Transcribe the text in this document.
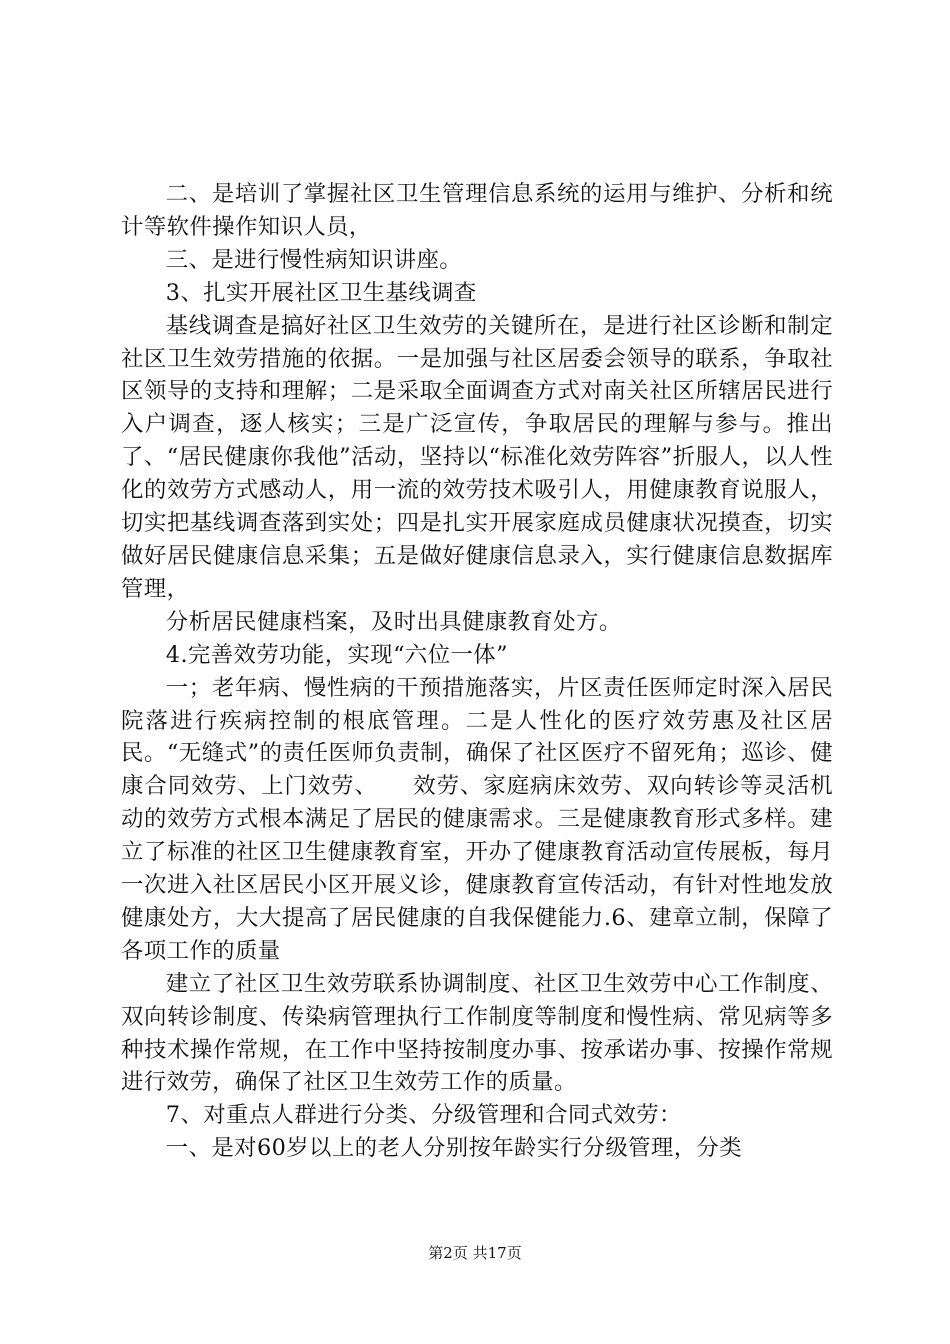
二、是培训了掌握社区卫生管理信息系统的运用与维护、分析和统计等软件操作知识人员，

三、是进行慢性病知识讲座。

3、扎实开展社区卫生基线调查

基线调查是搞好社区卫生效劳的关键所在，是进行社区诊断和制定社区卫生效劳措施的依据。一是加强与社区居委会领导的联系，争取社区领导的支持和理解；二是采取全面调查方式对南关社区所辖居民进行入户调查，逐人核实；三是广泛宣传，争取居民的理解与参与。推出了、“居民健康你我他”活动，坚持以“标准化效劳阵容”折服人，以人性化的效劳方式感动人，用一流的效劳技术吸引人，用健康教育说服人，切实把基线调查落到实处；四是扎实开展家庭成员健康状况摸查，切实做好居民健康信息采集；五是做好健康信息录入，实行健康信息数据库管理，

分析居民健康档案，及时出具健康教育处方。

4.完善效劳功能，实现“六位一体”

一；老年病、慢性病的干预措施落实，片区责任医师定时深入居民院落进行疾病控制的根底管理。二是人性化的医疗效劳惠及社区居民。“无缝式”的责任医师负责制，确保了社区医疗不留死角；巡诊、健康合同效劳、上门效劳、　　效劳、家庭病床效劳、双向转诊等灵活机动的效劳方式根本满足了居民的健康需求。三是健康教育形式多样。建立了标准的社区卫生健康教育室，开办了健康教育活动宣传展板，每月一次进入社区居民小区开展义诊，健康教育宣传活动，有针对性地发放健康处方，大大提高了居民健康的自我保健能力.6、建章立制，保障了各项工作的质量

建立了社区卫生效劳联系协调制度、社区卫生效劳中心工作制度、双向转诊制度、传染病管理执行工作制度等制度和慢性病、常见病等多种技术操作常规，在工作中坚持按制度办事、按承诺办事、按操作常规进行效劳，确保了社区卫生效劳工作的质量。

7、对重点人群进行分类、分级管理和合同式效劳：

一、是对60岁以上的老人分别按年龄实行分级管理，分类

第2页 共17页
